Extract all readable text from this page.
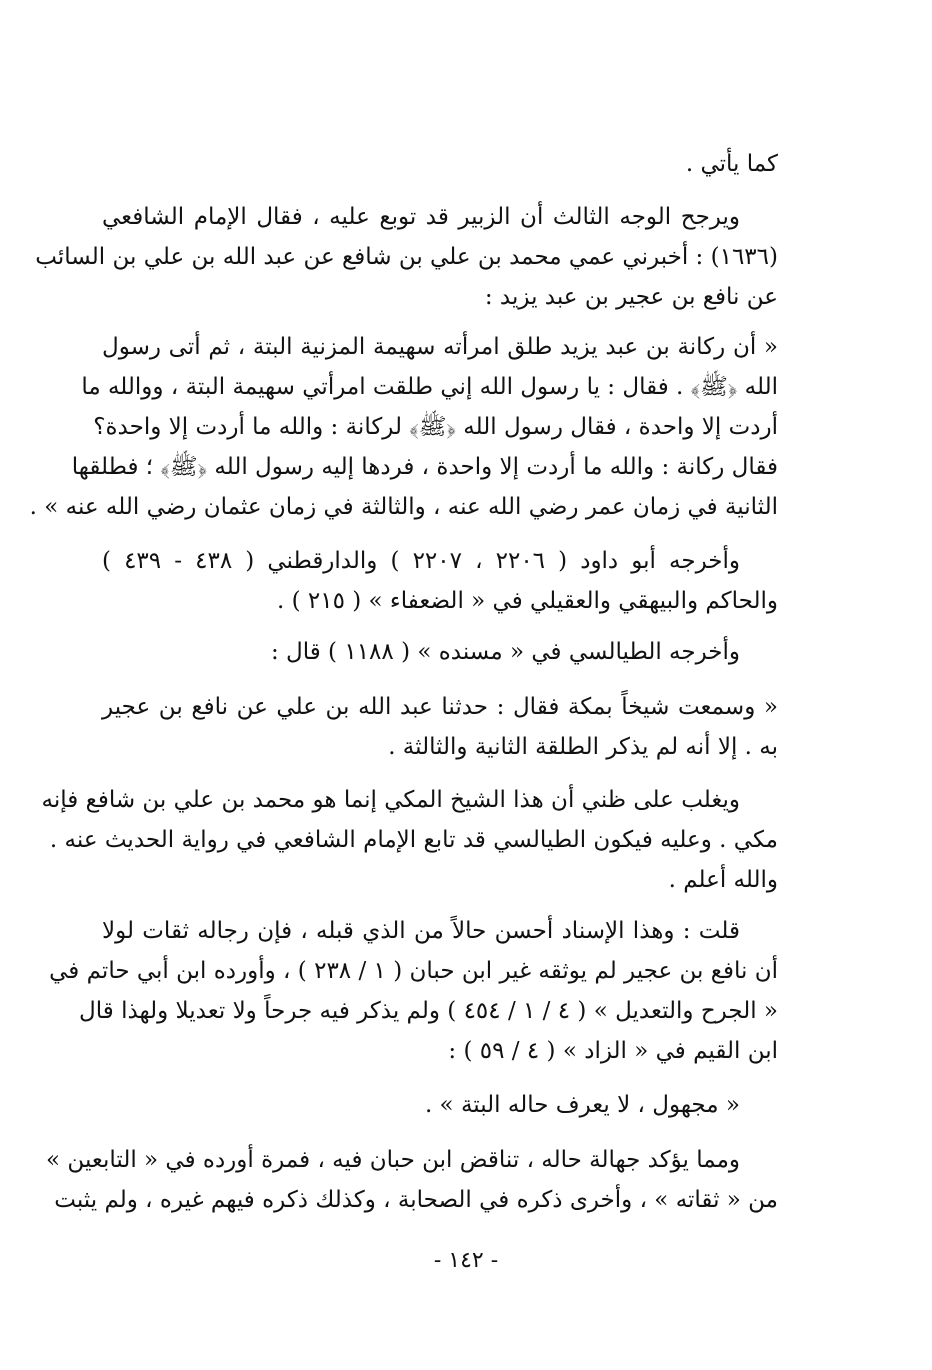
كما يأتي .
ويرجح الوجه الثالث أن الزبير قد توبع عليه ، فقال الإمام الشافعي
(١٦٣٦) : أخبرني عمي محمد بن علي بن شافع عن عبد الله بن علي بن السائب
عن نافع بن عجير بن عبد يزيد :
« أن ركانة بن عبد يزيد طلق امرأته سهيمة المزنية البتة ، ثم أتى رسول
الله ﴿ﷺ﴾ . فقال : يا رسول الله إني طلقت امرأتي سهيمة البتة ، ووالله ما
أردت إلا واحدة ، فقال رسول الله ﴿ﷺ﴾ لركانة : والله ما أردت إلا واحدة؟
فقال ركانة : والله ما أردت إلا واحدة ، فردها إليه رسول الله ﴿ﷺ﴾ ؛ فطلقها
الثانية في زمان عمر رضي الله عنه ، والثالثة في زمان عثمان رضي الله عنه » .
وأخرجه أبو داود ( ٢٢٠٦ ، ٢٢٠٧ ) والدارقطني ( ٤٣٨ - ٤٣٩ )
والحاكم والبيهقي والعقيلي في « الضعفاء » ( ٢١٥ ) .
وأخرجه الطيالسي في « مسنده » ( ١١٨٨ ) قال :
« وسمعت شيخاً بمكة فقال : حدثنا عبد الله بن علي عن نافع بن عجير
به . إلا أنه لم يذكر الطلقة الثانية والثالثة .
ويغلب على ظني أن هذا الشيخ المكي إنما هو محمد بن علي بن شافع فإنه
مكي . وعليه فيكون الطيالسي قد تابع الإمام الشافعي في رواية الحديث عنه .
والله أعلم .
قلت : وهذا الإسناد أحسن حالاً من الذي قبله ، فإن رجاله ثقات لولا
أن نافع بن عجير لم يوثقه غير ابن حبان ( ١ / ٢٣٨ ) ، وأورده ابن أبي حاتم في
« الجرح والتعديل » ( ٤ / ١ / ٤٥٤ ) ولم يذكر فيه جرحاً ولا تعديلا ولهذا قال
ابن القيم في « الزاد » ( ٤ / ٥٩ ) :
« مجهول ، لا يعرف حاله البتة » .
ومما يؤكد جهالة حاله ، تناقض ابن حبان فيه ، فمرة أورده في « التابعين »
من « ثقاته » ، وأخرى ذكره في الصحابة ، وكذلك ذكره فيهم غيره ، ولم يثبت
- ١٤٢ -
